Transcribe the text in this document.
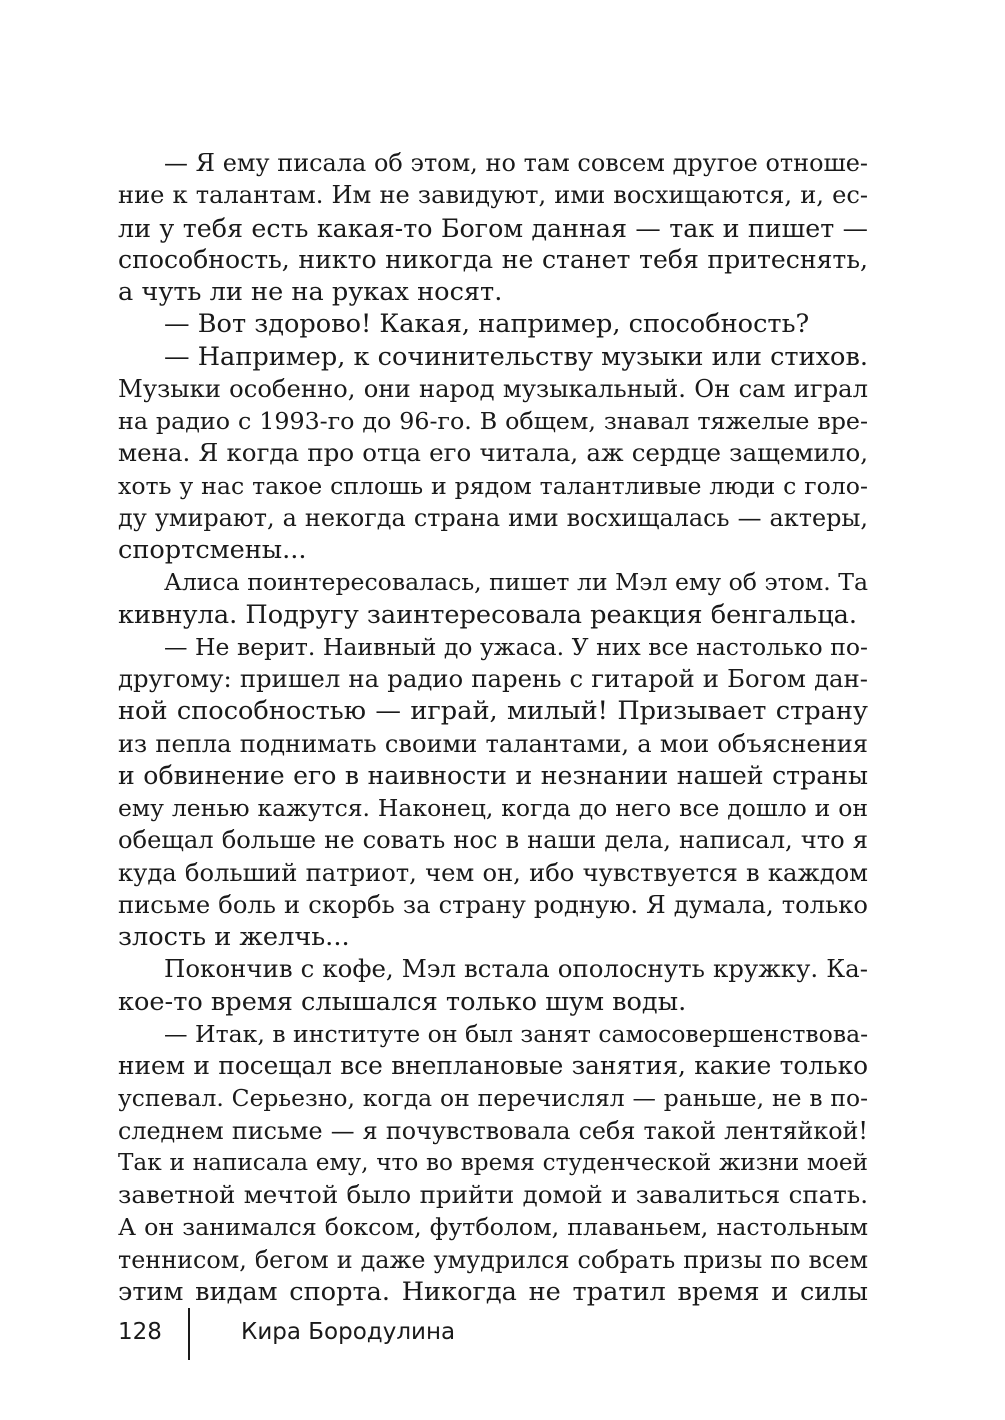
— Я ему писала об этом, но там совсем другое отноше-
ние к талантам. Им не завидуют, ими восхищаются, и, ес-
ли у тебя есть какая-то Богом данная — так и пишет —
способность, никто никогда не станет тебя притеснять,
а чуть ли не на руках носят.
— Вот здорово! Какая, например, способность?
— Например, к сочинительству музыки или стихов.
Музыки особенно, они народ музыкальный. Он сам играл
на радио с 1993-го до 96-го. В общем, знавал тяжелые вре-
мена. Я когда про отца его читала, аж сердце защемило,
хоть у нас такое сплошь и рядом талантливые люди с голо-
ду умирают, а некогда страна ими восхищалась — актеры,
спортсмены...
Алиса поинтересовалась, пишет ли Мэл ему об этом. Та
кивнула. Подругу заинтересовала реакция бенгальца.
— Не верит. Наивный до ужаса. У них все настолько по-
другому: пришел на радио парень с гитарой и Богом дан-
ной способностью — играй, милый! Призывает страну
из пепла поднимать своими талантами, а мои объяснения
и обвинение его в наивности и незнании нашей страны
ему ленью кажутся. Наконец, когда до него все дошло и он
обещал больше не совать нос в наши дела, написал, что я
куда больший патриот, чем он, ибо чувствуется в каждом
письме боль и скорбь за страну родную. Я думала, только
злость и желчь...
Покончив с кофе, Мэл встала ополоснуть кружку. Ка-
кое-то время слышался только шум воды.
— Итак, в институте он был занят самосовершенствова-
нием и посещал все внеплановые занятия, какие только
успевал. Серьезно, когда он перечислял — раньше, не в по-
следнем письме — я почувствовала себя такой лентяйкой!
Так и написала ему, что во время студенческой жизни моей
заветной мечтой было прийти домой и завалиться спать.
А он занимался боксом, футболом, плаваньем, настольным
теннисом, бегом и даже умудрился собрать призы по всем
этим видам спорта. Никогда не тратил время и силы
128	Кира Бородулина
